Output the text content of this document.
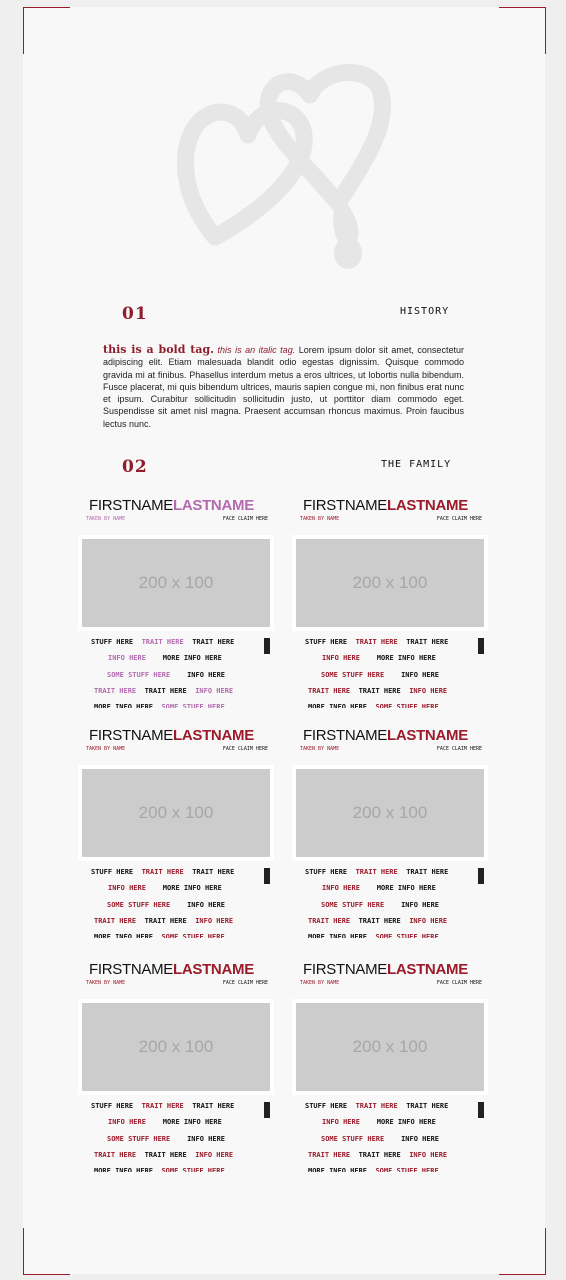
01	HISTORY
this is a bold tag. this is an italic tag. Lorem ipsum dolor sit amet, consectetur adipiscing elit. Etiam malesuada blandit odio egestas dignissim. Quisque commodo gravida mi at finibus. Phasellus interdum metus a eros ultrices, ut lobortis nulla bibendum. Fusce placerat, mi quis bibendum ultrices, mauris sapien congue mi, non finibus erat nunc et ipsum. Curabitur sollicitudin sollicitudin justo, ut porttitor diam commodo eget. Suspendisse sit amet nisl magna. Praesent accumsan rhoncus maximus. Proin faucibus lectus nunc.
02	THE FAMILY
FIRSTNAMELASTNAME
TAKEN BY NAME	FACE CLAIM HERE
200 x 100
STUFF HERE TRAIT HERE TRAIT HERE
INFO HERE MORE INFO HERE
SOME STUFF HERE INFO HERE
TRAIT HERE TRAIT HERE INFO HERE
MORE INFO HERE SOME STUFF HERE
FIRSTNAMELASTNAME
TAKEN BY NAME	FACE CLAIM HERE
200 x 100
STUFF HERE TRAIT HERE TRAIT HERE
INFO HERE MORE INFO HERE
SOME STUFF HERE INFO HERE
TRAIT HERE TRAIT HERE INFO HERE
MORE INFO HERE SOME STUFF HERE
FIRSTNAMELASTNAME
TAKEN BY NAME	FACE CLAIM HERE
200 x 100
STUFF HERE TRAIT HERE TRAIT HERE
INFO HERE MORE INFO HERE
SOME STUFF HERE INFO HERE
TRAIT HERE TRAIT HERE INFO HERE
MORE INFO HERE SOME STUFF HERE
FIRSTNAMELASTNAME
TAKEN BY NAME	FACE CLAIM HERE
200 x 100
STUFF HERE TRAIT HERE TRAIT HERE
INFO HERE MORE INFO HERE
SOME STUFF HERE INFO HERE
TRAIT HERE TRAIT HERE INFO HERE
MORE INFO HERE SOME STUFF HERE
FIRSTNAMELASTNAME
TAKEN BY NAME	FACE CLAIM HERE
200 x 100
STUFF HERE TRAIT HERE TRAIT HERE
INFO HERE MORE INFO HERE
SOME STUFF HERE INFO HERE
TRAIT HERE TRAIT HERE INFO HERE
MORE INFO HERE SOME STUFF HERE
FIRSTNAMELASTNAME
TAKEN BY NAME	FACE CLAIM HERE
200 x 100
STUFF HERE TRAIT HERE TRAIT HERE
INFO HERE MORE INFO HERE
SOME STUFF HERE INFO HERE
TRAIT HERE TRAIT HERE INFO HERE
MORE INFO HERE SOME STUFF HERE
